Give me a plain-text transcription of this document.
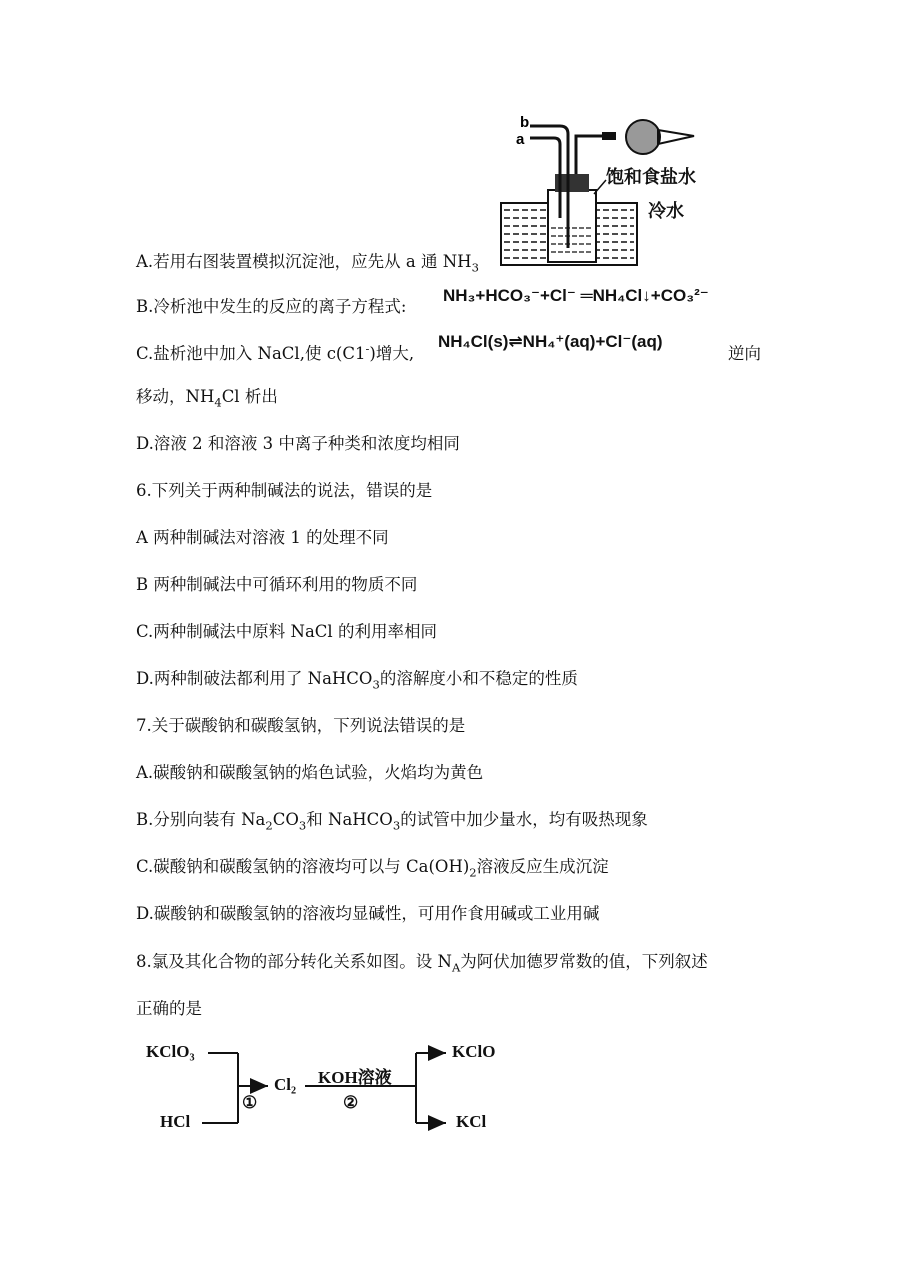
b
a
饱和食盐水
冷水
A.若用右图装置模拟沉淀池，应先从 a 通 $NH_3$
B.冷析池中发生的反应的离子方程式:
NH₃+HCO₃⁻+Cl⁻ ═NH₄Cl↓+CO₃²⁻
C.盐析池中加入 NaCl,使 c(C1-)增大,
NH₄Cl(s)⇌NH₄⁺(aq)+Cl⁻(aq)
逆向
移动，$NH_4Cl$ 析出
D.溶液 2 和溶液 3 中离子种类和浓度均相同
6.下列关于两种制碱法的说法，错误的是
A 两种制碱法对溶液 1 的处理不同
B 两种制碱法中可循环利用的物质不同
C.两种制碱法中原料 NaCl 的利用率相同
D.两种制破法都利用了 NaHCO$_3$的溶解度小和不稳定的性质
7.关于碳酸钠和碳酸氢钠，下列说法错误的是
A.碳酸钠和碳酸氢钠的焰色试验，火焰均为黄色
B.分别向装有 $Na_2CO_3$和 NaHCO$_3$的试管中加少量水，均有吸热现象
C.碳酸钠和碳酸氢钠的溶液均可以与 $Ca(OH)_2$溶液反应生成沉淀
D.碳酸钠和碳酸氢钠的溶液均显碱性，可用作食用碱或工业用碱
8.氯及其化合物的部分转化关系如图。设 $N_A$为阿伏加德罗常数的值，下列叙述
正确的是
KClO₃
HCl
①
Cl₂ KOH溶液
②
KClO
KCl
